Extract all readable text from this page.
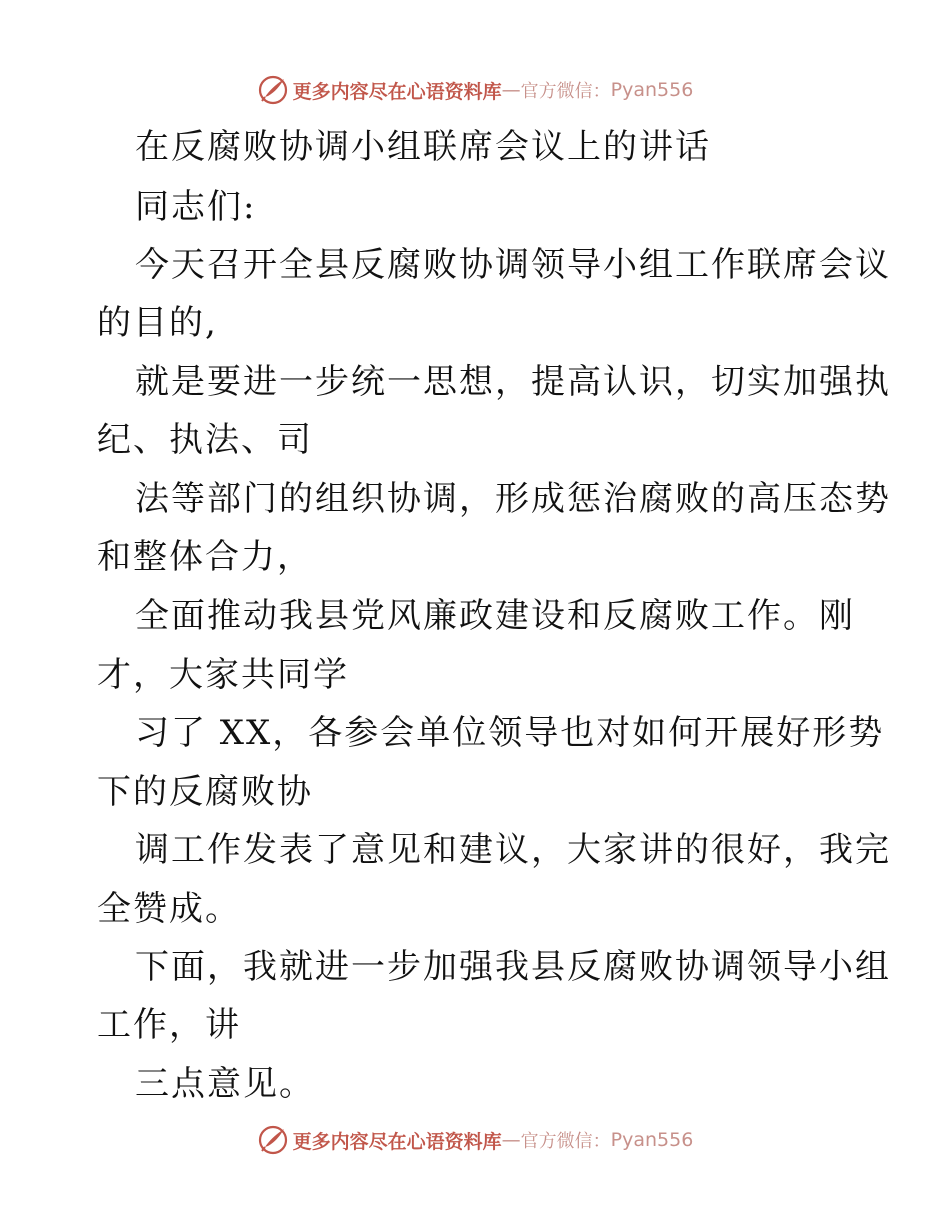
更多内容尽在心语资料库 — 官方微信： Pyan556
在反腐败协调小组联席会议上的讲话
同志们:
今天召开全县反腐败协调领导小组工作联席会议
的目的,
就是要进一步统一思想，提高认识，切实加强执
纪、执法、司
法等部门的组织协调，形成惩治腐败的高压态势
和整体合力，
全面推动我县党风廉政建设和反腐败工作。刚
才，大家共同学
习了 XX，各参会单位领导也对如何开展好形势
下的反腐败协
调工作发表了意见和建议，大家讲的很好，我完
全赞成。
下面，我就进一步加强我县反腐败协调领导小组
工作，讲
三点意见。
更多内容尽在心语资料库 — 官方微信： Pyan556
